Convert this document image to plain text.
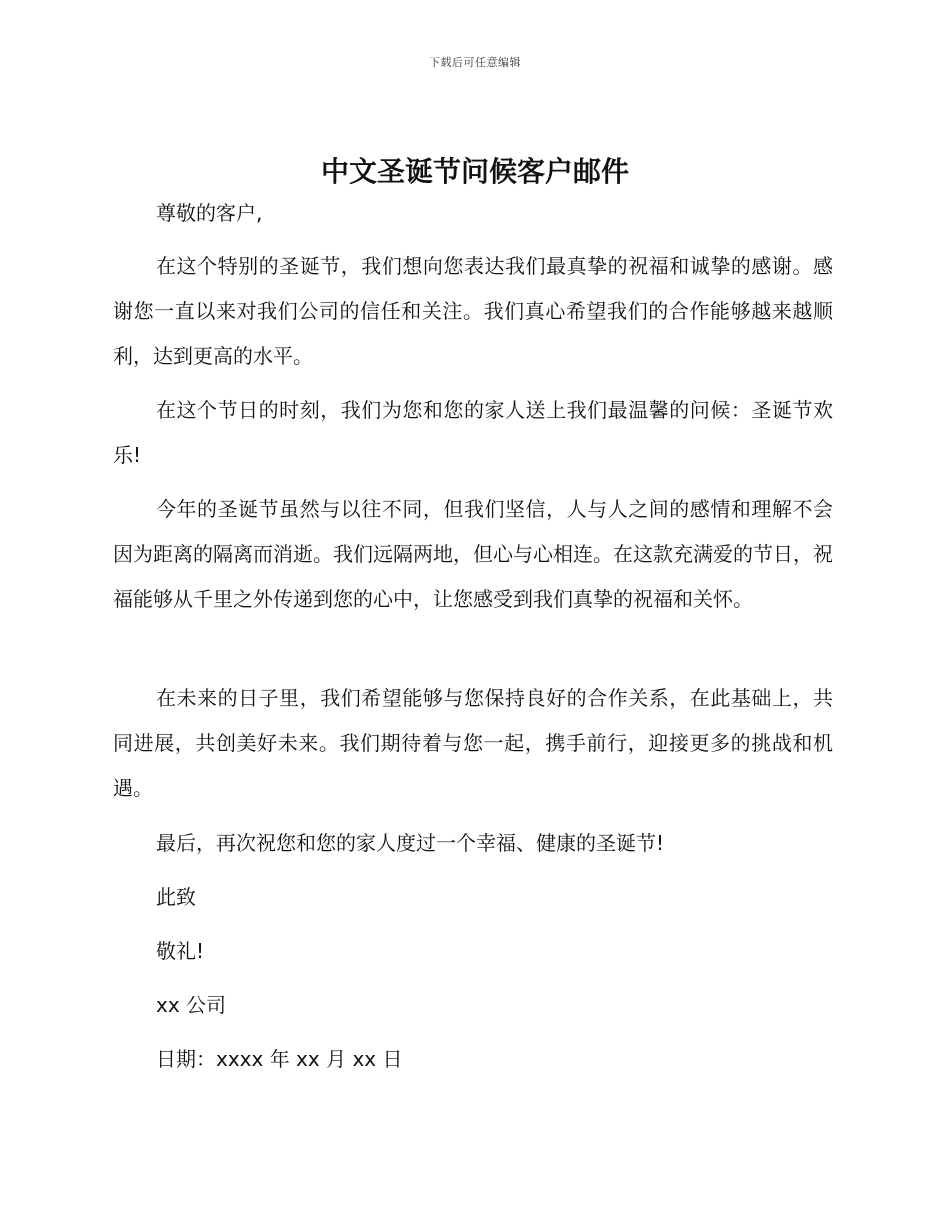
下载后可任意编辑
中文圣诞节问候客户邮件
尊敬的客户,

在这个特别的圣诞节，我们想向您表达我们最真挚的祝福和诚挚的感谢。感谢您一直以来对我们公司的信任和关注。我们真心希望我们的合作能够越来越顺利，达到更高的水平。

在这个节日的时刻，我们为您和您的家人送上我们最温馨的问候：圣诞节欢乐!

今年的圣诞节虽然与以往不同，但我们坚信，人与人之间的感情和理解不会因为距离的隔离而消逝。我们远隔两地，但心与心相连。在这款充满爱的节日，祝福能够从千里之外传递到您的心中，让您感受到我们真挚的祝福和关怀。

在未来的日子里，我们希望能够与您保持良好的合作关系，在此基础上，共同进展，共创美好未来。我们期待着与您一起，携手前行，迎接更多的挑战和机遇。

最后，再次祝您和您的家人度过一个幸福、健康的圣诞节!
此致
敬礼!
xx 公司
日期：xxxx 年 xx 月 xx 日
